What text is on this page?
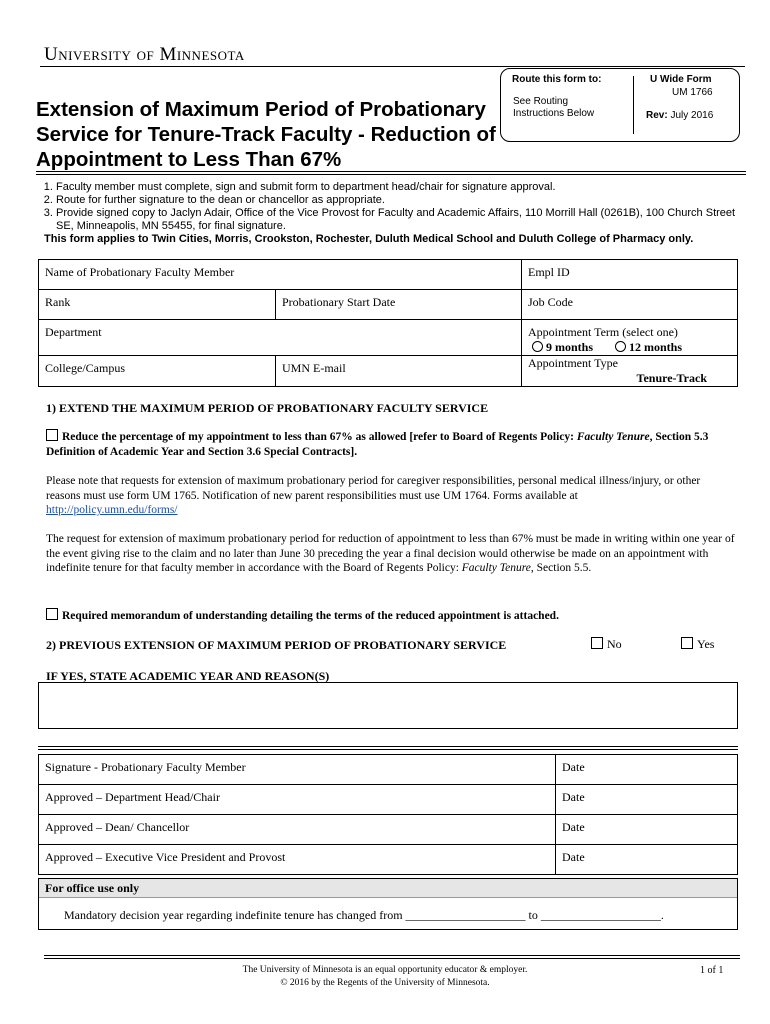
University of Minnesota
Extension of Maximum Period of Probationary Service for Tenure-Track Faculty - Reduction of Appointment to Less Than 67%
Route this form to:
See Routing Instructions Below
U Wide Form
UM 1766
Rev: July 2016
1. Faculty member must complete, sign and submit form to department head/chair for signature approval.
2. Route for further signature to the dean or chancellor as appropriate.
3. Provide signed copy to Jaclyn Adair, Office of the Vice Provost for Faculty and Academic Affairs, 110 Morrill Hall (0261B), 100 Church Street SE, Minneapolis, MN 55455, for final signature.
This form applies to Twin Cities, Morris, Crookston, Rochester, Duluth Medical School and Duluth College of Pharmacy only.
Name of Probationary Faculty Member		Empl ID
Rank	Probationary Start Date	Job Code
Department		Appointment Term (select one)
9 months 12 months

College/Campus	UMN E-mail	Appointment Type
Tenure-Track
1) EXTEND THE MAXIMUM PERIOD OF PROBATIONARY FACULTY SERVICE
Reduce the percentage of my appointment to less than 67% as allowed [refer to Board of Regents Policy: Faculty Tenure, Section 5.3 Definition of Academic Year and Section 3.6 Special Contracts].
Please note that requests for extension of maximum probationary period for caregiver responsibilities, personal medical illness/injury, or other reasons must use form UM 1765. Notification of new parent responsibilities must use UM 1764. Forms available at
http://policy.umn.edu/forms/
The request for extension of maximum probationary period for reduction of appointment to less than 67% must be made in writing within one year of the event giving rise to the claim and no later than June 30 preceding the year a final decision would otherwise be made on an appointment with indefinite tenure for that faculty member in accordance with the Board of Regents Policy: Faculty Tenure, Section 5.5.
Required memorandum of understanding detailing the terms of the reduced appointment is attached.
2) PREVIOUS EXTENSION OF MAXIMUM PERIOD OF PROBATIONARY SERVICE	No	Yes
IF YES, STATE ACADEMIC YEAR AND REASON(S)
Signature - Probationary Faculty Member	Date
Approved – Department Head/Chair	Date
Approved – Dean/ Chancellor	Date
Approved – Executive Vice President and Provost	Date
For office use only
Mandatory decision year regarding indefinite tenure has changed from ____________________ to ____________________.
The University of Minnesota is an equal opportunity educator & employer.
© 2016 by the Regents of the University of Minnesota.
1 of 1
